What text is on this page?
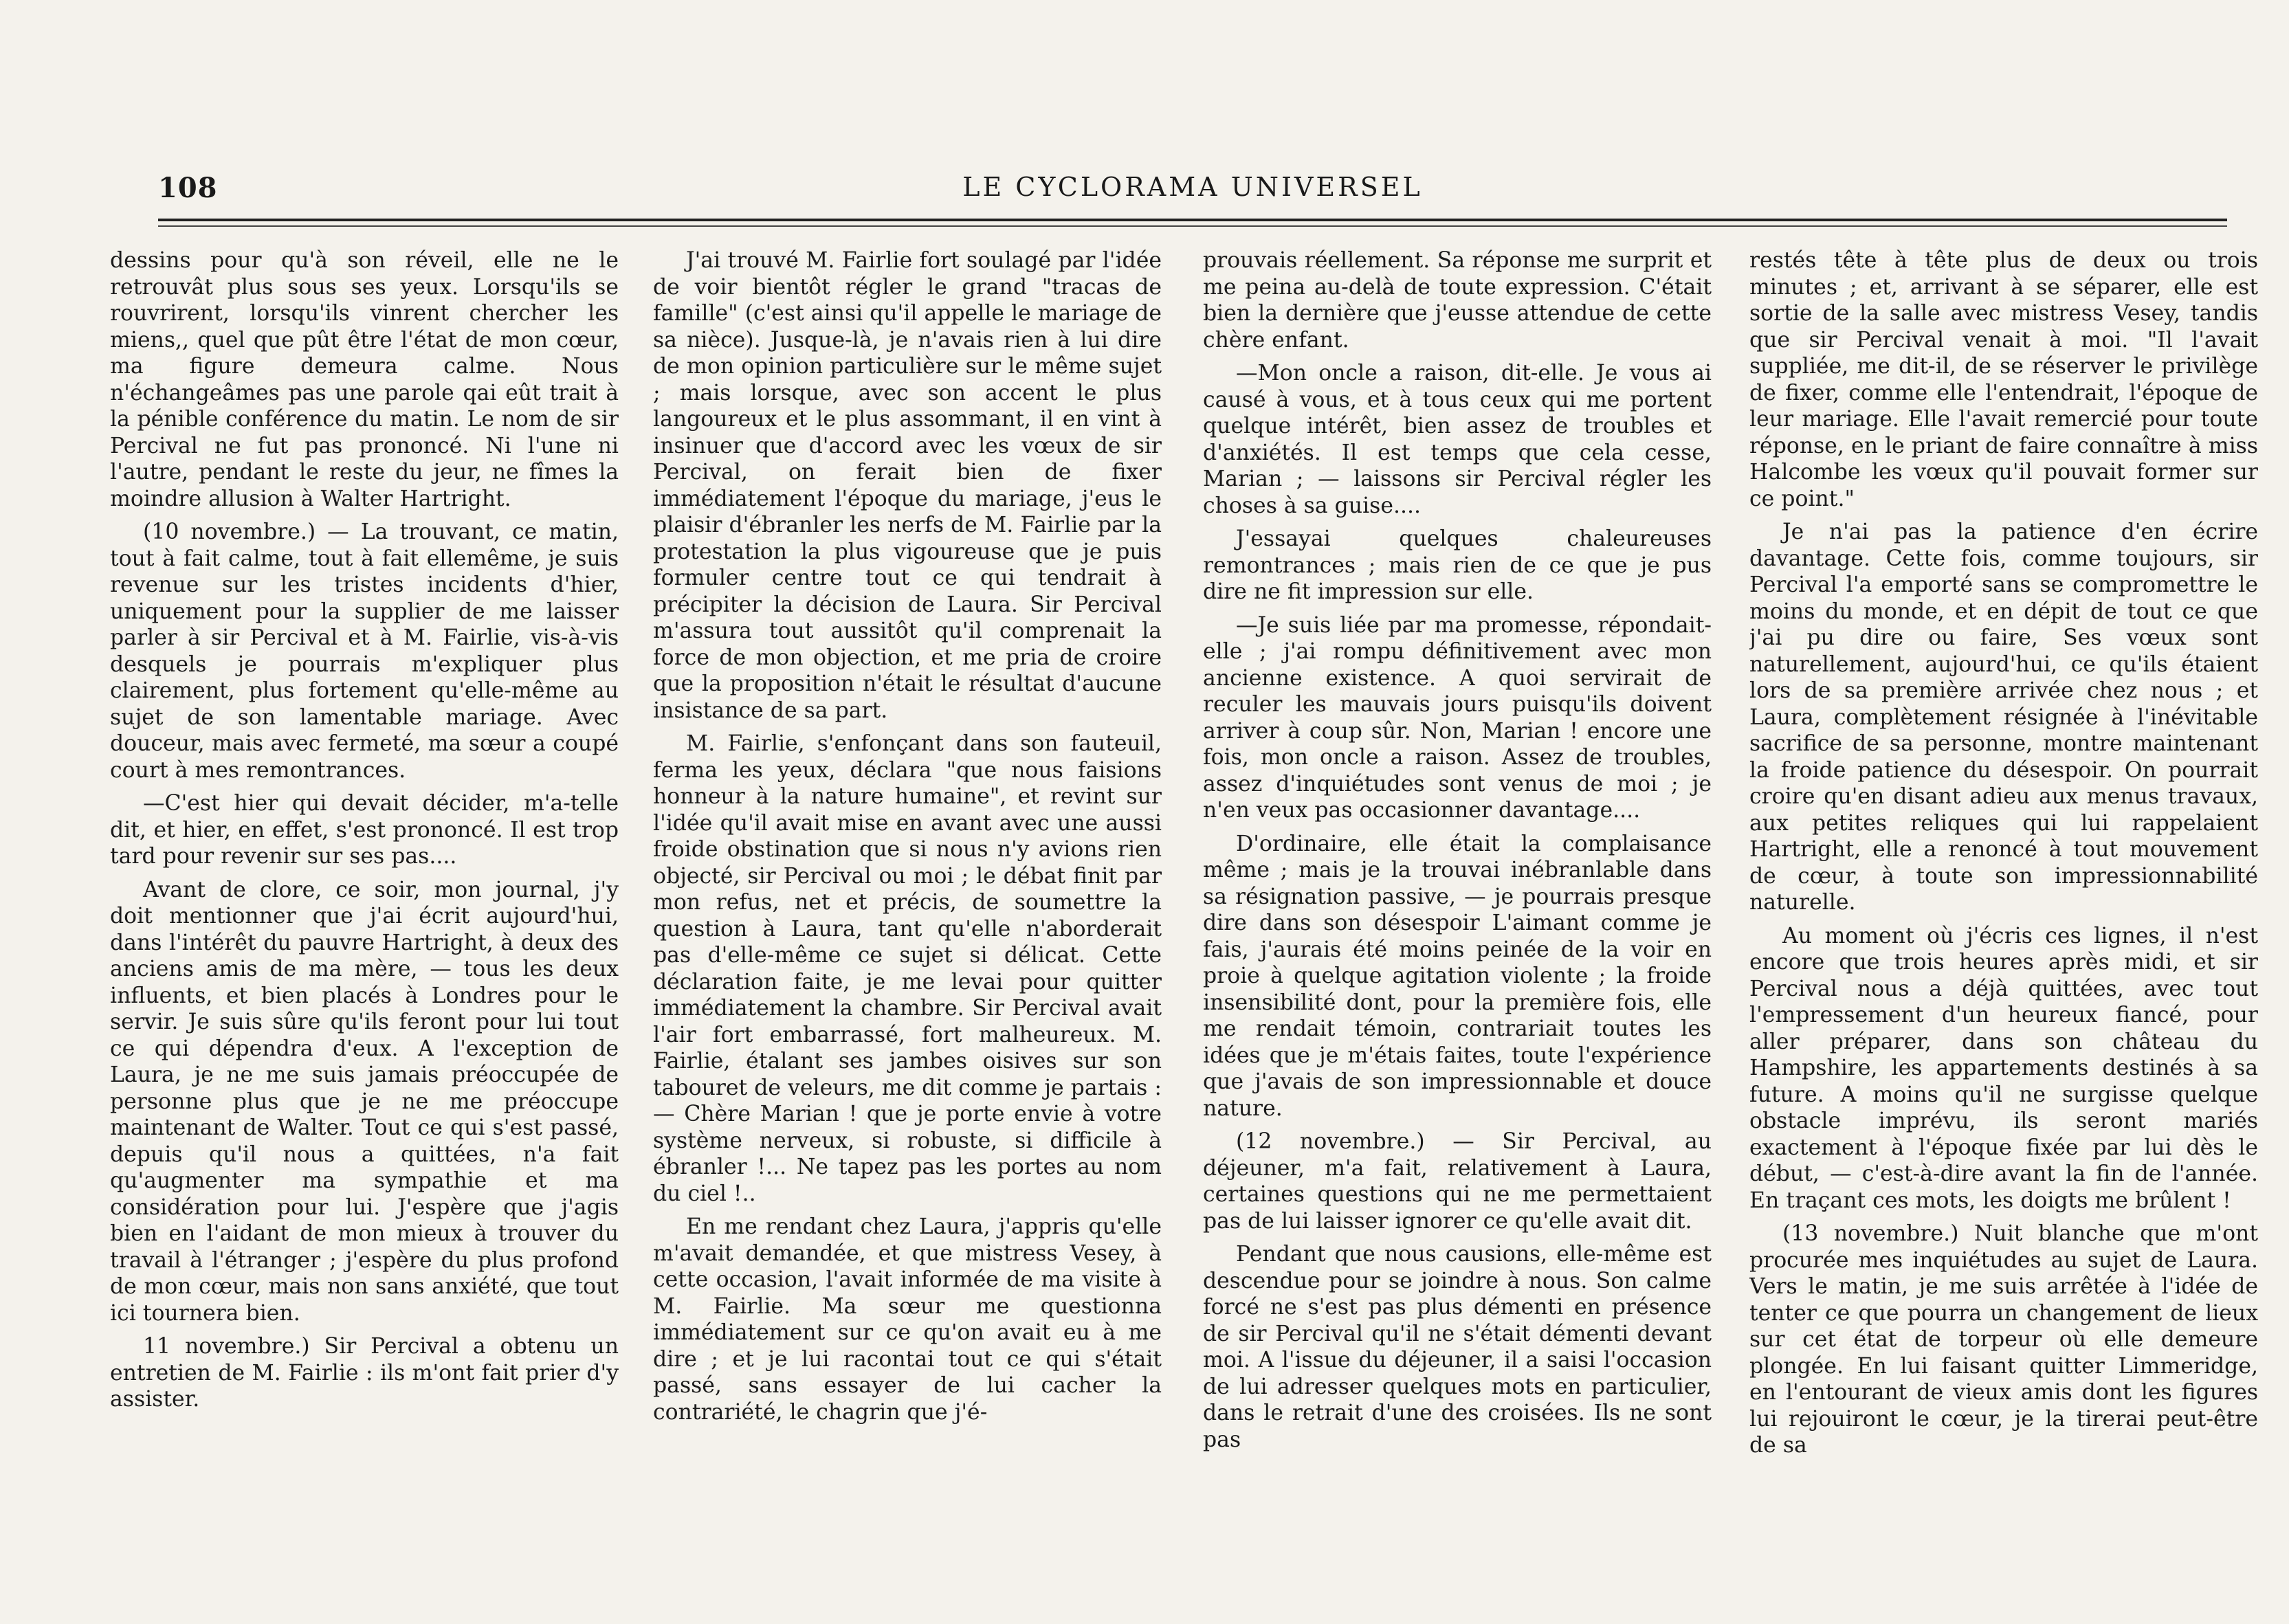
108	LE CYCLORAMA UNIVERSEL

dessins pour qu'à son réveil, elle ne le retrouvât plus sous ses yeux. Lorsqu'ils se rouvrirent, lorsqu'ils vinrent chercher les miens,, quel que pût être l'état de mon cœur, ma figure demeura calme. Nous n'échangeâmes pas une parole qai eût trait à la pénible conférence du matin. Le nom de sir Percival ne fut pas prononcé. Ni l'une ni l'autre, pendant le reste du jeur, ne fîmes la moindre allusion à Walter Hartright.

(10 novembre.) — La trouvant, ce matin, tout à fait calme, tout à fait ellemême, je suis revenue sur les tristes incidents d'hier, uniquement pour la supplier de me laisser parler à sir Percival et à M. Fairlie, vis-à-vis desquels je pourrais m'expliquer plus clairement, plus fortement qu'elle-même au sujet de son lamentable mariage. Avec douceur, mais avec fermeté, ma sœur a coupé court à mes remontrances.

—C'est hier qui devait décider, m'a-telle dit, et hier, en effet, s'est prononcé. Il est trop tard pour revenir sur ses pas....

Avant de clore, ce soir, mon journal, j'y doit mentionner que j'ai écrit aujourd'hui, dans l'intérêt du pauvre Hartright, à deux des anciens amis de ma mère, — tous les deux influents, et bien placés à Londres pour le servir. Je suis sûre qu'ils feront pour lui tout ce qui dépendra d'eux. A l'exception de Laura, je ne me suis jamais préoccupée de personne plus que je ne me préoccupe maintenant de Walter. Tout ce qui s'est passé, depuis qu'il nous a quittées, n'a fait qu'augmenter ma sympathie et ma considération pour lui. J'espère que j'agis bien en l'aidant de mon mieux à trouver du travail à l'étranger ; j'espère du plus profond de mon cœur, mais non sans anxiété, que tout ici tournera bien.

11 novembre.) Sir Percival a obtenu un entretien de M. Fairlie : ils m'ont fait prier d'y assister.

J'ai trouvé M. Fairlie fort soulagé par l'idée de voir bientôt régler le grand "tracas de famille" (c'est ainsi qu'il appelle le mariage de sa nièce). Jusque-là, je n'avais rien à lui dire de mon opinion particulière sur le même sujet ; mais lorsque, avec son accent le plus langoureux et le plus assommant, il en vint à insinuer que d'accord avec les vœux de sir Percival, on ferait bien de fixer immédiatement l'époque du mariage, j'eus le plaisir d'ébranler les nerfs de M. Fairlie par la protestation la plus vigoureuse que je puis formuler centre tout ce qui tendrait à précipiter la décision de Laura. Sir Percival m'assura tout aussitôt qu'il comprenait la force de mon objection, et me pria de croire que la proposition n'était le résultat d'aucune insistance de sa part.

M. Fairlie, s'enfonçant dans son fauteuil, ferma les yeux, déclara "que nous faisions honneur à la nature humaine", et revint sur l'idée qu'il avait mise en avant avec une aussi froide obstination que si nous n'y avions rien objecté, sir Percival ou moi ; le débat finit par mon refus, net et précis, de soumettre la question à Laura, tant qu'elle n'aborderait pas d'elle-même ce sujet si délicat. Cette déclaration faite, je me levai pour quitter immédiatement la chambre. Sir Percival avait l'air fort embarrassé, fort malheureux. M. Fairlie, étalant ses jambes oisives sur son tabouret de veleurs, me dit comme je partais : — Chère Marian ! que je porte envie à votre système nerveux, si robuste, si difficile à ébranler !... Ne tapez pas les portes au nom du ciel !..

En me rendant chez Laura, j'appris qu'elle m'avait demandée, et que mistress Vesey, à cette occasion, l'avait informée de ma visite à M. Fairlie. Ma sœur me questionna immédiatement sur ce qu'on avait eu à me dire ; et je lui racontai tout ce qui s'était passé, sans essayer de lui cacher la contrariété, le chagrin que j'é-

prouvais réellement. Sa réponse me surprit et me peina au-delà de toute expression. C'était bien la dernière que j'eusse attendue de cette chère enfant.

—Mon oncle a raison, dit-elle. Je vous ai causé à vous, et à tous ceux qui me portent quelque intérêt, bien assez de troubles et d'anxiétés. Il est temps que cela cesse, Marian ; — laissons sir Percival régler les choses à sa guise....

J'essayai quelques chaleureuses remontrances ; mais rien de ce que je pus dire ne fit impression sur elle.

—Je suis liée par ma promesse, répondait-elle ; j'ai rompu définitivement avec mon ancienne existence. A quoi servirait de reculer les mauvais jours puisqu'ils doivent arriver à coup sûr. Non, Marian ! encore une fois, mon oncle a raison. Assez de troubles, assez d'inquiétudes sont venus de moi ; je n'en veux pas occasionner davantage....

D'ordinaire, elle était la complaisance même ; mais je la trouvai inébranlable dans sa résignation passive, — je pourrais presque dire dans son désespoir L'aimant comme je fais, j'aurais été moins peinée de la voir en proie à quelque agitation violente ; la froide insensibilité dont, pour la première fois, elle me rendait témoin, contrariait toutes les idées que je m'étais faites, toute l'expérience que j'avais de son impressionnable et douce nature.

(12 novembre.) — Sir Percival, au déjeuner, m'a fait, relativement à Laura, certaines questions qui ne me permettaient pas de lui laisser ignorer ce qu'elle avait dit.

Pendant que nous causions, elle-même est descendue pour se joindre à nous. Son calme forcé ne s'est pas plus démenti en présence de sir Percival qu'il ne s'était démenti devant moi. A l'issue du déjeuner, il a saisi l'occasion de lui adresser quelques mots en particulier, dans le retrait d'une des croisées. Ils ne sont pas

restés tête à tête plus de deux ou trois minutes ; et, arrivant à se séparer, elle est sortie de la salle avec mistress Vesey, tandis que sir Percival venait à moi. "Il l'avait suppliée, me dit-il, de se réserver le privilège de fixer, comme elle l'entendrait, l'époque de leur mariage. Elle l'avait remercié pour toute réponse, en le priant de faire connaître à miss Halcombe les vœux qu'il pouvait former sur ce point."

Je n'ai pas la patience d'en écrire davantage. Cette fois, comme toujours, sir Percival l'a emporté sans se compromettre le moins du monde, et en dépit de tout ce que j'ai pu dire ou faire, Ses vœux sont naturellement, aujourd'hui, ce qu'ils étaient lors de sa première arrivée chez nous ; et Laura, complètement résignée à l'inévitable sacrifice de sa personne, montre maintenant la froide patience du désespoir. On pourrait croire qu'en disant adieu aux menus travaux, aux petites reliques qui lui rappelaient Hartright, elle a renoncé à tout mouvement de cœur, à toute son impressionnabilité naturelle.

Au moment où j'écris ces lignes, il n'est encore que trois heures après midi, et sir Percival nous a déjà quittées, avec tout l'empressement d'un heureux fiancé, pour aller préparer, dans son château du Hampshire, les appartements destinés à sa future. A moins qu'il ne surgisse quelque obstacle imprévu, ils seront mariés exactement à l'époque fixée par lui dès le début, — c'est-à-dire avant la fin de l'année. En traçant ces mots, les doigts me brûlent !

(13 novembre.) Nuit blanche que m'ont procurée mes inquiétudes au sujet de Laura. Vers le matin, je me suis arrêtée à l'idée de tenter ce que pourra un changement de lieux sur cet état de torpeur où elle demeure plongée. En lui faisant quitter Limmeridge, en l'entourant de vieux amis dont les figures lui rejouiront le cœur, je la tirerai peut-être de sa
